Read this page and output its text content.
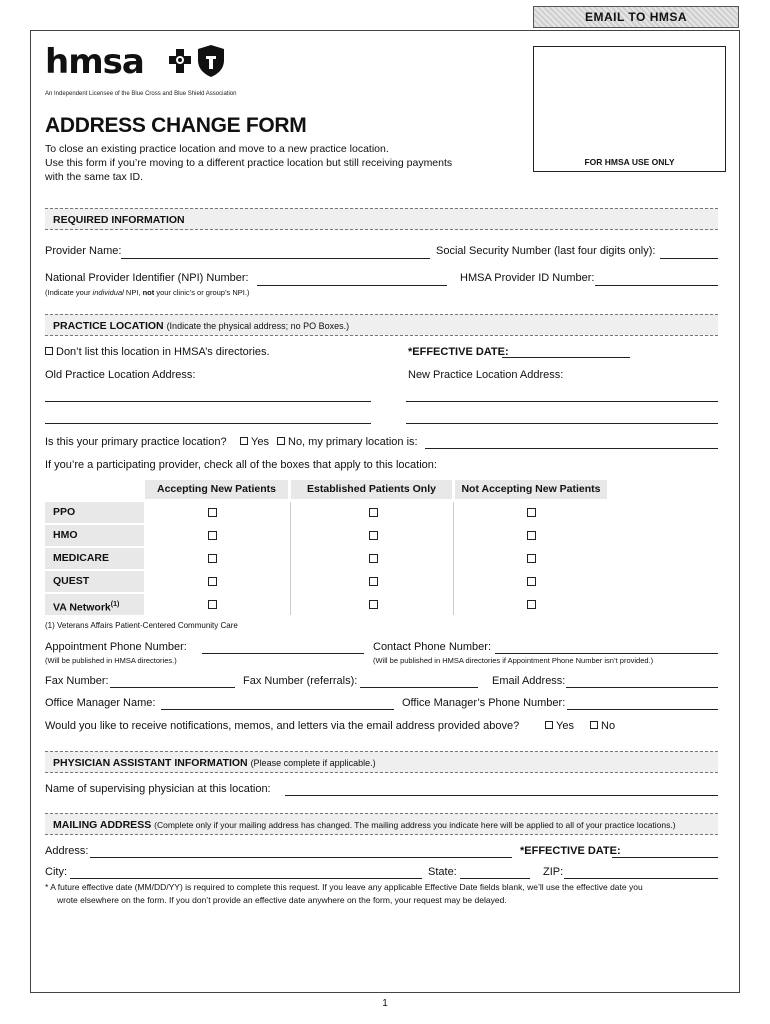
EMAIL TO HMSA
hmsa
An Independent Licensee of the Blue Cross and Blue Shield Association
ADDRESS CHANGE FORM
To close an existing practice location and move to a new practice location.
Use this form if you’re moving to a different practice location but still receiving payments
with the same tax ID.
FOR HMSA USE ONLY
REQUIRED INFORMATION
Provider Name:	Social Security Number (last four digits only):
National Provider Identifier (NPI) Number:	HMSA Provider ID Number:
(Indicate your individual NPI, not your clinic’s or group’s NPI.)
PRACTICE LOCATION (Indicate the physical address; no PO Boxes.)
Don’t list this location in HMSA’s directories.	*EFFECTIVE DATE:
Old Practice Location Address:	New Practice Location Address:
Is this your primary practice location?	Yes	No, my primary location is:
If you’re a participating provider, check all of the boxes that apply to this location:
Accepting New Patients	Established Patients Only	Not Accepting New Patients
PPO
HMO
MEDICARE
QUEST
VA Network$^{(1)}$
(1) Veterans Affairs Patient-Centered Community Care
Appointment Phone Number:
(Will be published in HMSA directories.)
Contact Phone Number:
(Will be published in HMSA directories if Appointment Phone Number isn’t provided.)
Fax Number:	Fax Number (referrals):	Email Address:
Office Manager Name:	Office Manager’s Phone Number:
Would you like to receive notifications, memos, and letters via the email address provided above?	Yes	No
PHYSICIAN ASSISTANT INFORMATION (Please complete if applicable.)
Name of supervising physician at this location:
MAILING ADDRESS (Complete only if your mailing address has changed. The mailing address you indicate here will be applied to all of your practice locations.)
Address:	*EFFECTIVE DATE:
City:	State:	ZIP:
* A future effective date (MM/DD/YY) is required to complete this request. If you leave any applicable Effective Date fields blank, we’ll use the effective date you
wrote elsewhere on the form. If you don’t provide an effective date anywhere on the form, your request may be delayed.
1
